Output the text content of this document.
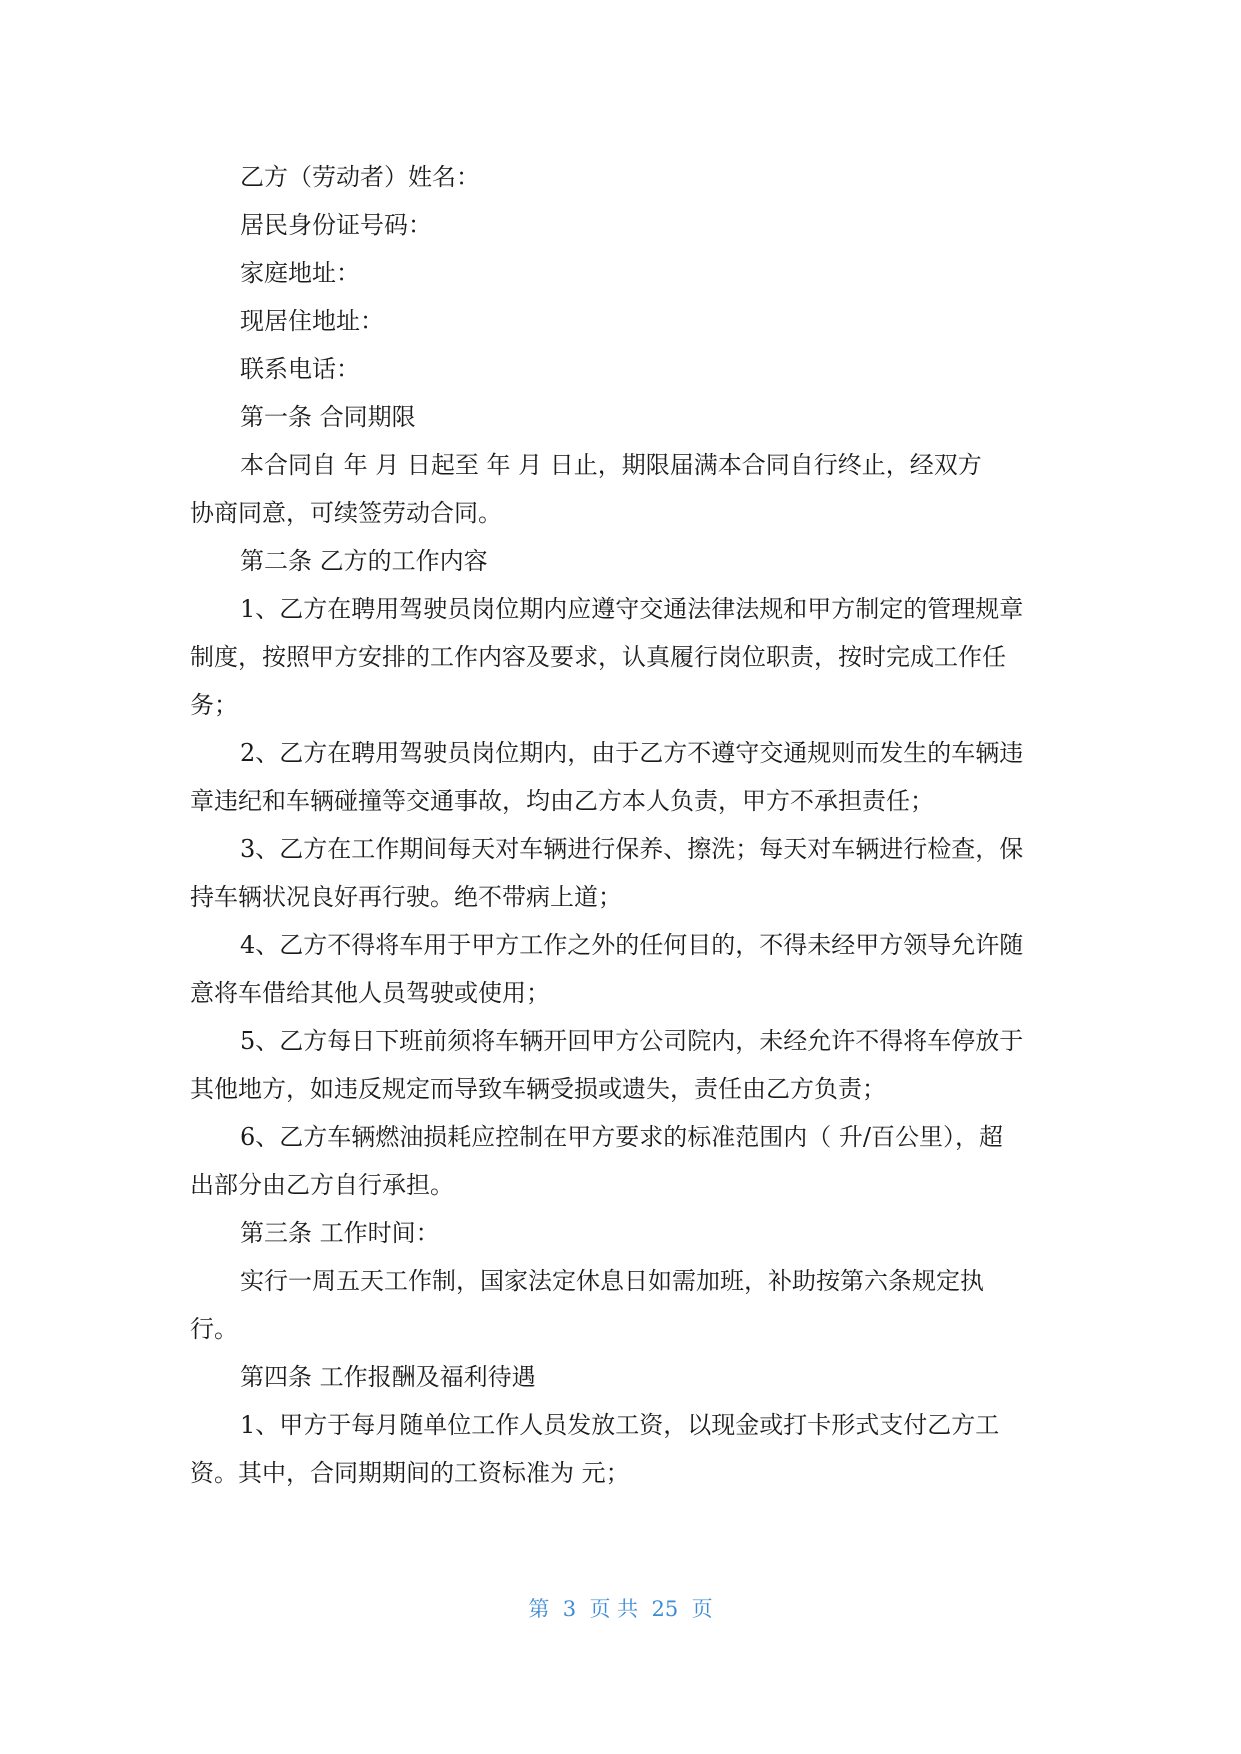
乙方（劳动者）姓名：
居民身份证号码：
家庭地址：
现居住地址：
联系电话：
第一条 合同期限
本合同自 年 月 日起至 年 月 日止，期限届满本合同自行终止，经双方
协商同意，可续签劳动合同。
第二条 乙方的工作内容
1、乙方在聘用驾驶员岗位期内应遵守交通法律法规和甲方制定的管理规章
制度，按照甲方安排的工作内容及要求，认真履行岗位职责，按时完成工作任
务；
2、乙方在聘用驾驶员岗位期内，由于乙方不遵守交通规则而发生的车辆违
章违纪和车辆碰撞等交通事故，均由乙方本人负责，甲方不承担责任；
3、乙方在工作期间每天对车辆进行保养、擦洗；每天对车辆进行检查，保
持车辆状况良好再行驶。绝不带病上道；
4、乙方不得将车用于甲方工作之外的任何目的，不得未经甲方领导允许随
意将车借给其他人员驾驶或使用；
5、乙方每日下班前须将车辆开回甲方公司院内，未经允许不得将车停放于
其他地方，如违反规定而导致车辆受损或遗失，责任由乙方负责；
6、乙方车辆燃油损耗应控制在甲方要求的标准范围内（ 升/百公里），超
出部分由乙方自行承担。
第三条 工作时间：
实行一周五天工作制，国家法定休息日如需加班，补助按第六条规定执
行。
第四条 工作报酬及福利待遇
1、甲方于每月随单位工作人员发放工资，以现金或打卡形式支付乙方工
资。其中，合同期期间的工资标准为 元；
第  3  页 共  25  页
